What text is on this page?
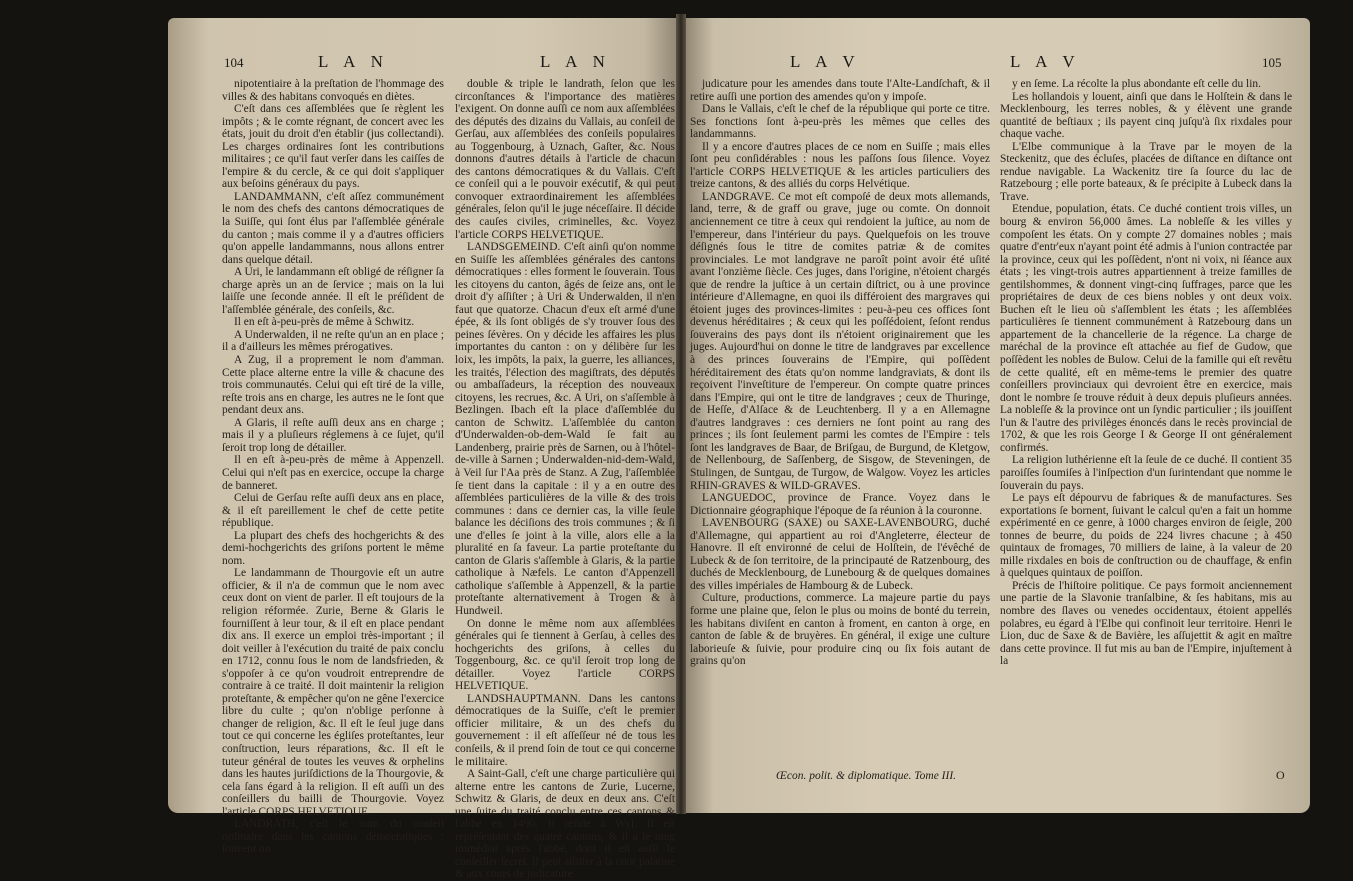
104	L A N	L A N	L A V	L A V	105

nipotentiaire à la preſtation de l'hommage des villes & des habitans convoqués en diètes.

C'eſt dans ces aſſemblées que ſe règlent les impôts ; & le comte régnant, de concert avec les états, jouit du droit d'en établir (jus collectandi). Les charges ordinaires ſont les contributions militaires ; ce qu'il faut verſer dans les caiſſes de l'empire & du cercle, & ce qui doit s'appliquer aux beſoins généraux du pays.

LANDAMMANN, c'eſt aſſez communément le nom des chefs des cantons démocratiques de la Suiſſe, qui ſont élus par l'aſſemblée générale du canton ; mais comme il y a d'autres officiers qu'on appelle landammanns, nous allons entrer dans quelque détail.

A Uri, le landammann eſt obligé de réſigner ſa charge après un an de ſervice ; mais on la lui laiſſe une ſeconde année. Il eſt le préſident de l'aſſemblée générale, des conſeils, &c.

Il en eſt à-peu-près de même à Schwitz.

A Underwalden, il ne reſte qu'un an en place ; il a d'ailleurs les mêmes prérogatives.

A Zug, il a proprement le nom d'amman. Cette place alterne entre la ville & chacune des trois communautés. Celui qui eſt tiré de la ville, reſte trois ans en charge, les autres ne le ſont que pendant deux ans.

A Glaris, il reſte auſſi deux ans en charge ; mais il y a pluſieurs réglemens à ce ſujet, qu'il ſeroit trop long de détailler.

Il en eſt à-peu-près de même à Appenzell. Celui qui n'eſt pas en exercice, occupe la charge de banneret.

Celui de Gerſau reſte auſſi deux ans en place, & il eſt pareillement le chef de cette petite république.

La plupart des chefs des hochgerichts & des demi-hochgerichts des griſons portent le même nom.

Le landammann de Thourgovie eſt un autre officier, & il n'a de commun que le nom avec ceux dont on vient de parler. Il eſt toujours de la religion réformée. Zurie, Berne & Glaris le fourniſſent à leur tour, & il eſt en place pendant dix ans. Il exerce un emploi très-important ; il doit veiller à l'exécution du traité de paix conclu en 1712, connu ſous le nom de landsfrieden, & s'oppoſer à ce qu'on voudroit entreprendre de contraire à ce traité. Il doit maintenir la religion proteſtante, & empêcher qu'on ne gêne l'exercice libre du culte ; qu'on n'oblige perſonne à changer de religion, &c. Il eſt le ſeul juge dans tout ce qui concerne les égliſes proteſtantes, leur conſtruction, leurs réparations, &c. Il eſt le tuteur général de toutes les veuves & orphelins dans les hautes juriſdictions de la Thourgovie, & cela ſans égard à la religion. Il eſt auſſi un des conſeillers du bailli de Thourgovie. Voyez l'article CORPS HELVETIQUE.

LANDRATH, c'eſt le nom du conſeil ordinaire dans les cantons démocratiques ; ſouvent on

double & triple le landrath, ſelon que les circonſtances & l'importance des matières l'exigent. On donne auſſi ce nom aux aſſemblées des députés des dizains du Vallais, au conſeil de Gerſau, aux aſſemblées des conſeils populaires au Toggenbourg, à Uznach, Gaſter, &c. Nous donnons d'autres détails à l'article de chacun des cantons démocratiques & du Vallais. C'eſt ce conſeil qui a le pouvoir exécutif, & qui peut convoquer extraordinairement les aſſemblées générales, ſelon qu'il le juge néceſſaire. Il décide des cauſes civiles, criminelles, &c. Voyez l'article CORPS HELVETIQUE.

LANDSGEMEIND. C'eſt ainſi qu'on nomme en Suiſſe les aſſemblées générales des cantons démocratiques : elles forment le ſouverain. Tous les citoyens du canton, âgés de ſeize ans, ont le droit d'y aſſiſter ; à Uri & Underwalden, il n'en faut que quatorze. Chacun d'eux eſt armé d'une épée, & ils ſont obligés de s'y trouver ſous des peines ſévères. On y décide les affaires les plus importantes du canton : on y délibère ſur les loix, les impôts, la paix, la guerre, les alliances, les traités, l'élection des magiſtrats, des députés ou ambaſſadeurs, la réception des nouveaux citoyens, les recrues, &c. A Uri, on s'aſſemble à Bezlingen. Ibach eſt la place d'aſſemblée du canton de Schwitz. L'aſſemblée du canton d'Underwalden-ob-dem-Wald ſe fait au Landenberg, prairie près de Sarnen, ou à l'hôtel-de-ville à Sarnen ; Underwalden-nid-dem-Wald, à Veil ſur l'Aa près de Stanz. A Zug, l'aſſemblée ſe tient dans la capitale : il y a en outre des aſſemblées particulières de la ville & des trois communes : dans ce dernier cas, la ville ſeule balance les déciſions des trois communes ; & ſi une d'elles ſe joint à la ville, alors elle a la pluralité en ſa faveur. La partie proteſtante du canton de Glaris s'aſſemble à Glaris, & la partie catholique à Næfels. Le canton d'Appenzell catholique s'aſſemble à Appenzell, & la partie proteſtante alternativement à Trogen & à Hundweil.

On donne le même nom aux aſſemblées générales qui ſe tiennent à Gerſau, à celles des hochgerichts des griſons, à celles du Toggenbourg, &c. ce qu'il ſeroit trop long de détailler. Voyez l'article CORPS HELVETIQUE.

LANDSHAUPTMANN. Dans les cantons démocratiques de la Suiſſe, c'eſt le premier officier militaire, & un des chefs du gouvernement : il eſt aſſeſſeur né de tous les conſeils, & il prend ſoin de tout ce qui concerne le militaire.

A Saint-Gall, c'eſt une charge particulière qui alterne entre les cantons de Zurie, Lucerne, Schwitz & Glaris, de deux en deux ans. C'eſt une ſuite du traité conclu entre ces cantons & l'abbé en 1490. Il réſide à Wyl. Il eſt repréſentant des quatre cantons, & il a le rang immédiat après l'abbé, dont il eſt auſſi le conſeiller ſecret. Il peut aſſiſter à la cour palatine & aux cours de judicature

judicature pour les amendes dans toute l'Alte-Landſchaft, & il retire auſſi une portion des amendes qu'on y impoſe.

Dans le Vallais, c'eſt le chef de la république qui porte ce titre. Ses fonctions ſont à-peu-près les mêmes que celles des landammanns.

Il y a encore d'autres places de ce nom en Suiſſe ; mais elles ſont peu conſidérables : nous les paſſons ſous ſilence. Voyez l'article CORPS HELVETIQUE & les articles particuliers des treize cantons, & des alliés du corps Helvétique.

LANDGRAVE. Ce mot eſt compoſé de deux mots allemands, land, terre, & de graff ou grave, juge ou comte. On donnoit anciennement ce titre à ceux qui rendoient la juſtice, au nom de l'empereur, dans l'intérieur du pays. Quelquefois on les trouve déſignés ſous le titre de comites patriæ & de comites provinciales. Le mot landgrave ne paroît point avoir été uſité avant l'onzième ſiècle. Ces juges, dans l'origine, n'étoient chargés que de rendre la juſtice à un certain diſtrict, ou à une province intérieure d'Allemagne, en quoi ils différoient des margraves qui étoient juges des provinces-limites : peu-à-peu ces offices ſont devenus héréditaires ; & ceux qui les poſſédoient, ſeſont rendus ſouverains des pays dont ils n'étoient originairement que les juges. Aujourd'hui on donne le titre de landgraves par excellence à des princes ſouverains de l'Empire, qui poſſèdent héréditairement des états qu'on nomme landgraviats, & dont ils reçoivent l'inveſtiture de l'empereur. On compte quatre princes dans l'Empire, qui ont le titre de landgraves ; ceux de Thuringe, de Heſſe, d'Alſace & de Leuchtenberg. Il y a en Allemagne d'autres landgraves : ces derniers ne ſont point au rang des princes ; ils ſont ſeulement parmi les comtes de l'Empire : tels ſont les landgraves de Baar, de Briſgau, de Burgund, de Kletgow, de Nellenbourg, de Saſſenberg, de Sisgow, de Steveningen, de Stulingen, de Suntgau, de Turgow, de Walgow. Voyez les articles RHIN-GRAVES & WILD-GRAVES.

LANGUEDOC, province de France. Voyez dans le Dictionnaire géographique l'époque de ſa réunion à la couronne.

LAVENBOURG (SAXE) ou SAXE-LAVENBOURG, duché d'Allemagne, qui appartient au roi d'Angleterre, électeur de Hanovre. Il eſt environné de celui de Holſtein, de l'évêché de Lubeck & de ſon territoire, de la principauté de Ratzenbourg, des duchés de Mecklenbourg, de Lunebourg & de quelques domaines des villes impériales de Hambourg & de Lubeck.

Culture, productions, commerce. La majeure partie du pays forme une plaine que, ſelon le plus ou moins de bonté du terrein, les habitans diviſent en canton à froment, en canton à orge, en canton de ſable & de bruyères. En général, il exige une culture laborieuſe & ſuivie, pour produire cinq ou ſix fois autant de grains qu'on

y en ſeme. La récolte la plus abondante eſt celle du lin.

Les hollandois y louent, ainſi que dans le Holſtein & dans le Mecklenbourg, les terres nobles, & y élèvent une grande quantité de beſtiaux ; ils payent cinq juſqu'à ſix rixdales pour chaque vache.

L'Elbe communique à la Trave par le moyen de la Steckenitz, que des écluſes, placées de diſtance en diſtance ont rendue navigable. La Wackenitz tire ſa ſource du lac de Ratzebourg ; elle porte bateaux, & ſe précipite à Lubeck dans la Trave.

Etendue, population, états. Ce duché contient trois villes, un bourg & environ 56,000 âmes. La nobleſſe & les villes y compoſent les états. On y compte 27 domaines nobles ; mais quatre d'entr'eux n'ayant point été admis à l'union contractée par la province, ceux qui les poſſèdent, n'ont ni voix, ni ſéance aux états ; les vingt-trois autres appartiennent à treize familles de gentilshommes, & donnent vingt-cinq ſuffrages, parce que les propriétaires de deux de ces biens nobles y ont deux voix. Buchen eſt le lieu où s'aſſemblent les états ; les aſſemblées particulières ſe tiennent communément à Ratzebourg dans un appartement de la chancellerie de la régence. La charge de maréchal de la province eſt attachée au fief de Gudow, que poſſèdent les nobles de Bulow. Celui de la famille qui eſt revêtu de cette qualité, eſt en même-tems le premier des quatre conſeillers provinciaux qui devroient être en exercice, mais dont le nombre ſe trouve réduit à deux depuis pluſieurs années. La nobleſſe & la province ont un ſyndic particulier ; ils jouiſſent l'un & l'autre des privilèges énoncés dans le recès provincial de 1702, & que les rois George I & George II ont généralement confirmés.

La religion luthérienne eſt la ſeule de ce duché. Il contient 35 paroiſſes ſoumiſes à l'inſpection d'un ſurintendant que nomme le ſouverain du pays.

Le pays eſt dépourvu de fabriques & de manufactures. Ses exportations ſe bornent, ſuivant le calcul qu'en a fait un homme expérimenté en ce genre, à 1000 charges environ de ſeigle, 200 tonnes de beurre, du poids de 224 livres chacune ; à 450 quintaux de fromages, 70 milliers de laine, à la valeur de 20 mille rixdales en bois de conſtruction ou de chauffage, & enfin à quelques quintaux de poiſſon.

Précis de l'hiſtoire politique. Ce pays formoit anciennement une partie de la Slavonie tranſalbine, & ſes habitans, mis au nombre des ſlaves ou venedes occidentaux, étoient appellés polabres, eu égard à l'Elbe qui confinoit leur territoire. Henri le Lion, duc de Saxe & de Bavière, les aſſujettit & agit en maître dans cette province. Il fut mis au ban de l'Empire, injuſtement à la

Œcon. polit. & diplomatique. Tome III.	O
